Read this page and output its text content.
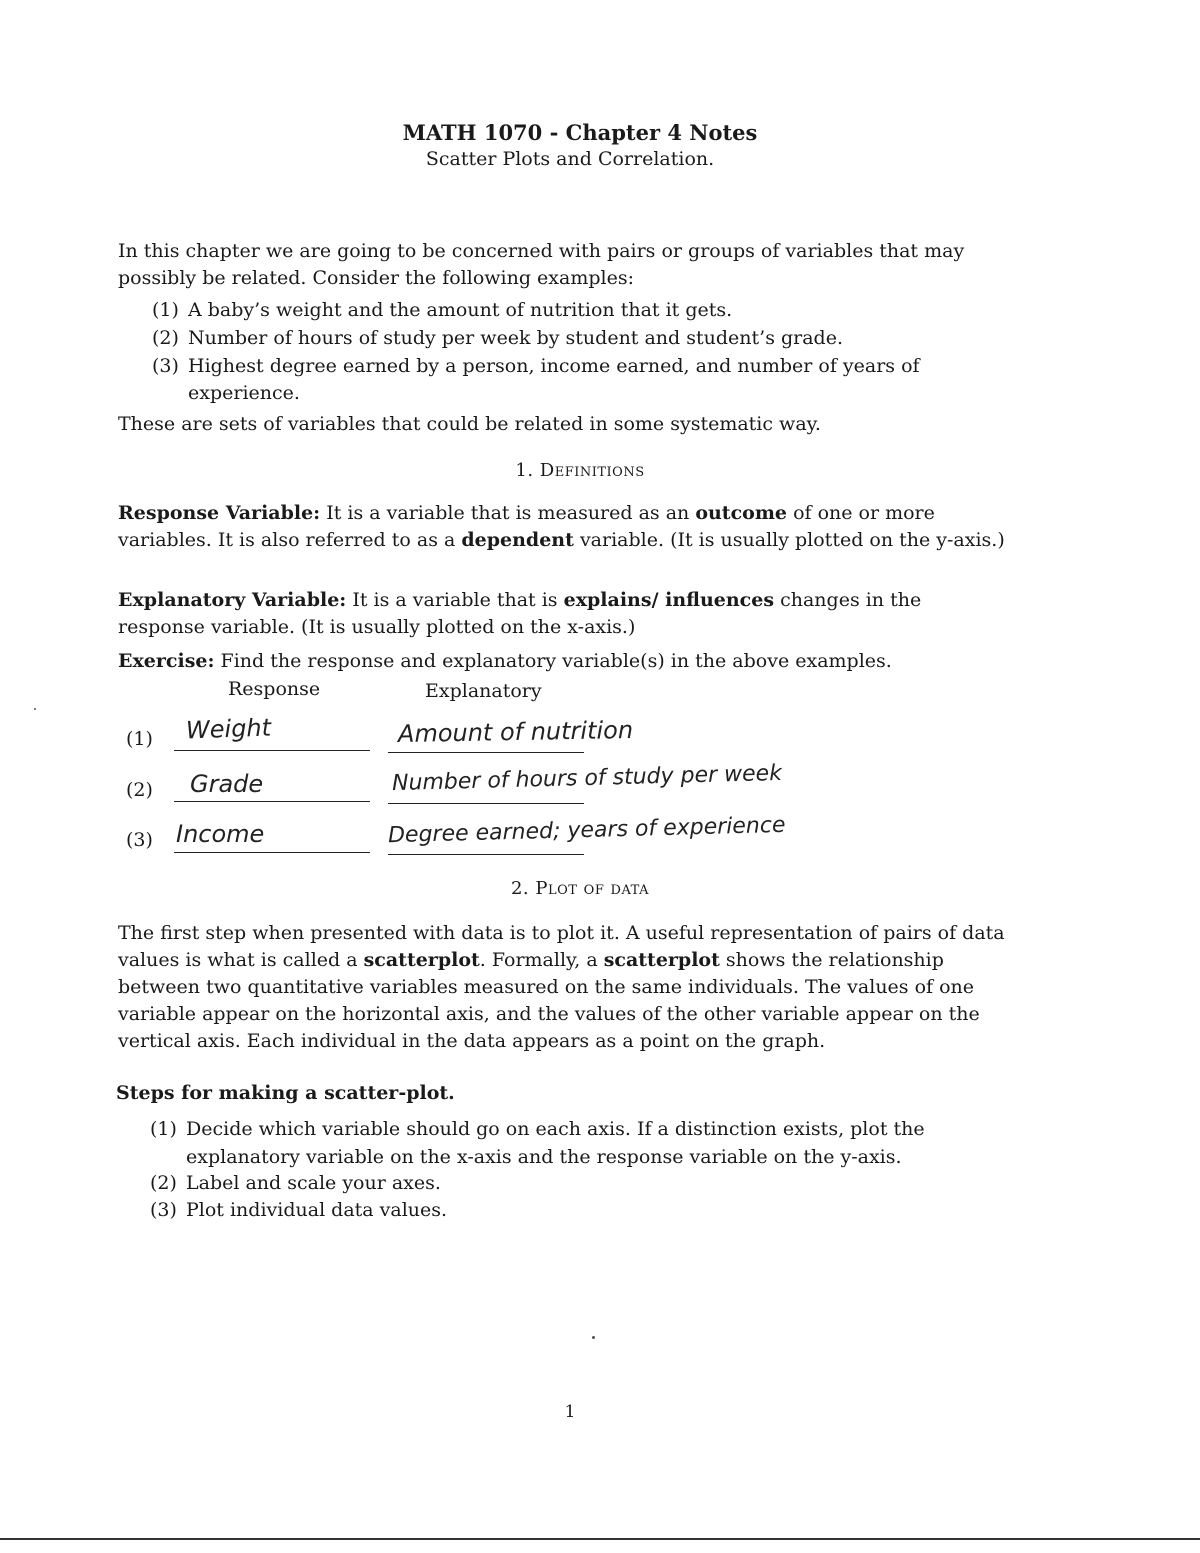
MATH 1070 - Chapter 4 Notes
Scatter Plots and Correlation.
In this chapter we are going to be concerned with pairs or groups of variables that may possibly be related. Consider the following examples:
(1) A baby’s weight and the amount of nutrition that it gets.
(2) Number of hours of study per week by student and student’s grade.
(3) Highest degree earned by a person, income earned, and number of years of
experience.
These are sets of variables that could be related in some systematic way.
1. Definitions
Response Variable: It is a variable that is measured as an outcome of one or more variables. It is also referred to as a dependent variable. (It is usually plotted on the y-axis.)
Explanatory Variable: It is a variable that is explains/ influences changes in the response variable. (It is usually plotted on the x-axis.)
Exercise: Find the response and explanatory variable(s) in the above examples.
Response	Explanatory
(1) Weight	Amount of nutrition
(2) Grade	Number of hours of study per week
(3) Income	Degree earned; years of experience
2. Plot of data
The first step when presented with data is to plot it. A useful representation of pairs of data values is what is called a scatterplot. Formally, a scatterplot shows the relationship between two quantitative variables measured on the same individuals. The values of one variable appear on the horizontal axis, and the values of the other variable appear on the vertical axis. Each individual in the data appears as a point on the graph.
Steps for making a scatter-plot.
(1) Decide which variable should go on each axis. If a distinction exists, plot the
explanatory variable on the x-axis and the response variable on the y-axis.
(2) Label and scale your axes.
(3) Plot individual data values.
1
